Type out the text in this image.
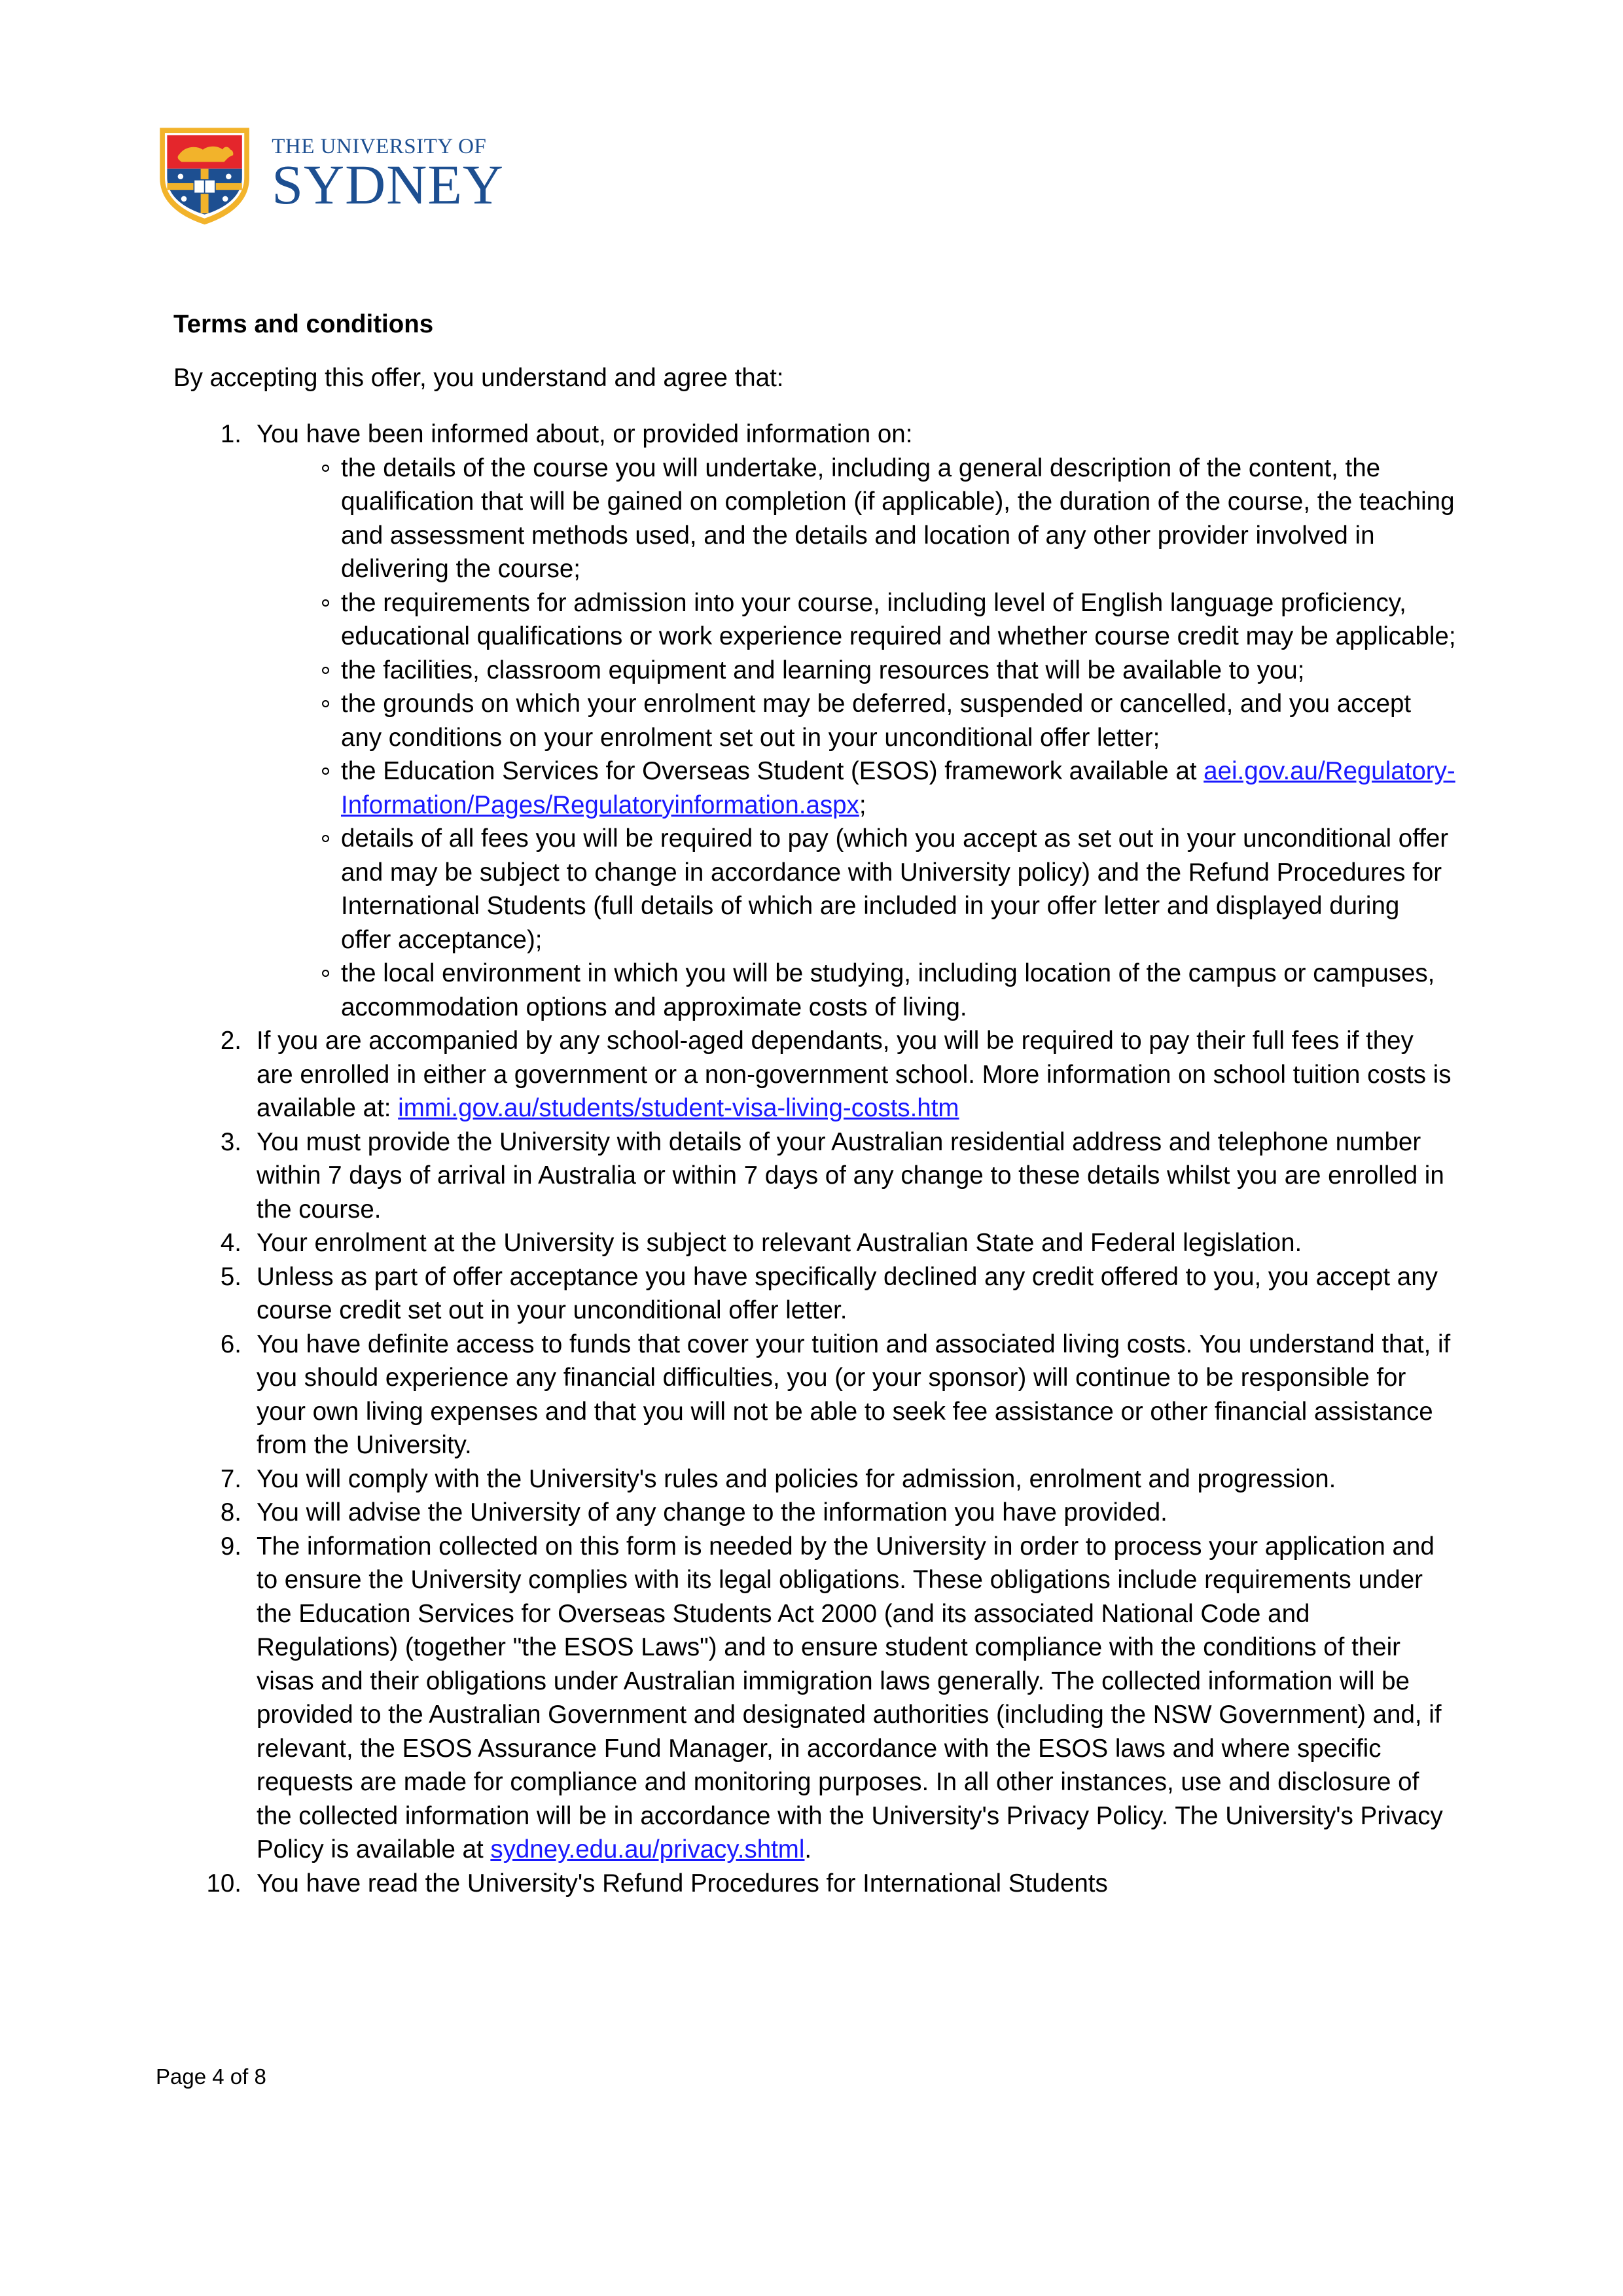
THE UNIVERSITY OF
SYDNEY
Terms and conditions
By accepting this offer, you understand and agree that:
1. You have been informed about, or provided information on:
the details of the course you will undertake, including a general description of the content, the qualification that will be gained on completion (if applicable), the duration of the course, the teaching and assessment methods used, and the details and location of any other provider involved in delivering the course;
the requirements for admission into your course, including level of English language proficiency, educational qualifications or work experience required and whether course credit may be applicable;
the facilities, classroom equipment and learning resources that will be available to you;
the grounds on which your enrolment may be deferred, suspended or cancelled, and you accept any conditions on your enrolment set out in your unconditional offer letter;
the Education Services for Overseas Student (ESOS) framework available at aei.gov.au/Regulatory-Information/Pages/Regulatoryinformation.aspx;
details of all fees you will be required to pay (which you accept as set out in your unconditional offer and may be subject to change in accordance with University policy) and the Refund Procedures for International Students (full details of which are included in your offer letter and displayed during offer acceptance);
the local environment in which you will be studying, including location of the campus or campuses, accommodation options and approximate costs of living.
2. If you are accompanied by any school-aged dependants, you will be required to pay their full fees if they are enrolled in either a government or a non-government school. More information on school tuition costs is available at: immi.gov.au/students/student-visa-living-costs.htm
3. You must provide the University with details of your Australian residential address and telephone number within 7 days of arrival in Australia or within 7 days of any change to these details whilst you are enrolled in the course.
4. Your enrolment at the University is subject to relevant Australian State and Federal legislation.
5. Unless as part of offer acceptance you have specifically declined any credit offered to you, you accept any course credit set out in your unconditional offer letter.
6. You have definite access to funds that cover your tuition and associated living costs. You understand that, if you should experience any financial difficulties, you (or your sponsor) will continue to be responsible for your own living expenses and that you will not be able to seek fee assistance or other financial assistance from the University.
7. You will comply with the University's rules and policies for admission, enrolment and progression.
8. You will advise the University of any change to the information you have provided.
9. The information collected on this form is needed by the University in order to process your application and to ensure the University complies with its legal obligations. These obligations include requirements under the Education Services for Overseas Students Act 2000 (and its associated National Code and Regulations) (together "the ESOS Laws") and to ensure student compliance with the conditions of their visas and their obligations under Australian immigration laws generally. The collected information will be provided to the Australian Government and designated authorities (including the NSW Government) and, if relevant, the ESOS Assurance Fund Manager, in accordance with the ESOS laws and where specific requests are made for compliance and monitoring purposes. In all other instances, use and disclosure of the collected information will be in accordance with the University's Privacy Policy. The University's Privacy Policy is available at sydney.edu.au/privacy.shtml.
10. You have read the University's Refund Procedures for International Students
Page 4 of 8
